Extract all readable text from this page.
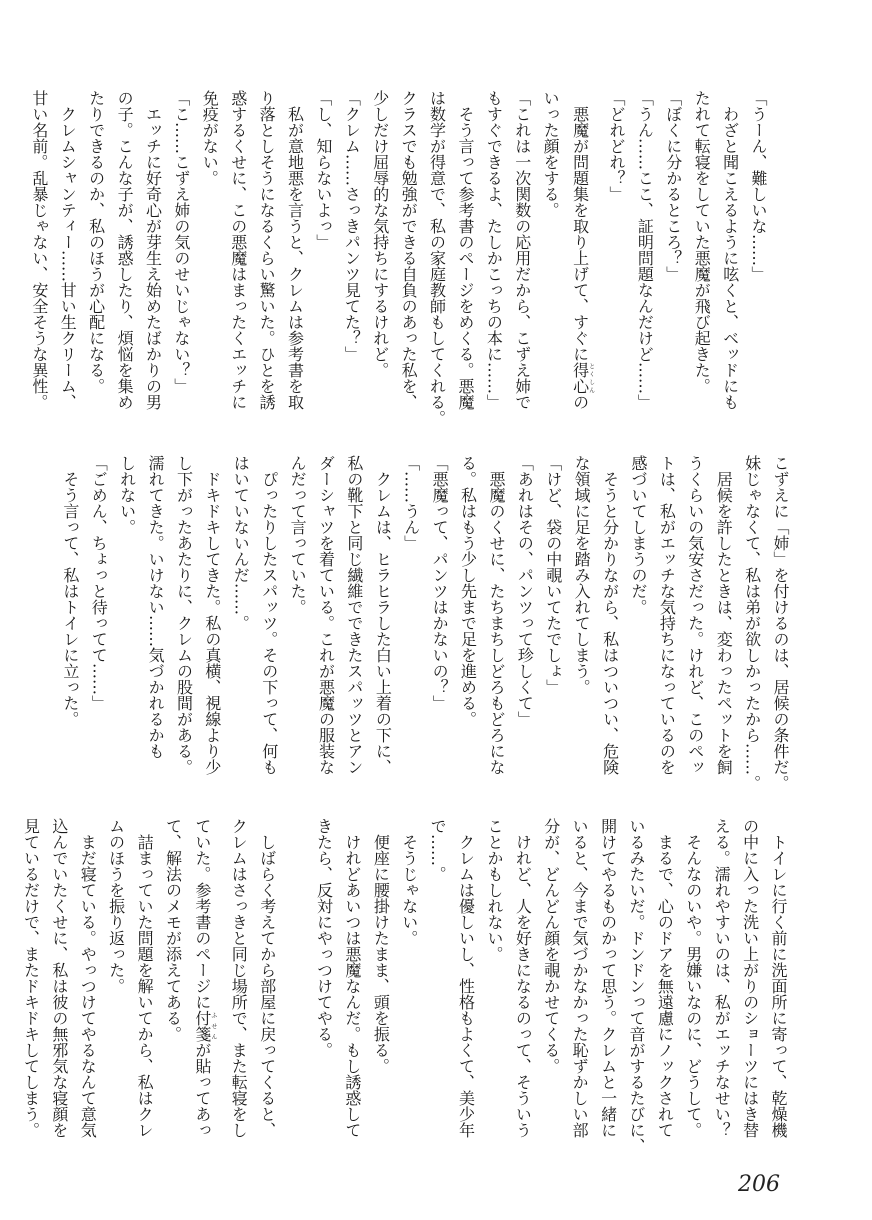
「うーん、難しいな……」
　わざと聞こえるように呟くと、ベッドにも
たれて転寝をしていた悪魔が飛び起きた。
「ぼくに分かるところ？」
「うん……ここ、証明問題なんだけど……」
「どれどれ？」
　悪魔が問題集を取り上げて、すぐに得心とくしんの
いった顔をする。
「これは一次関数の応用だから、こずえ姉で
もすぐできるよ、たしかこっちの本に……」
　そう言って参考書のページをめくる。悪魔
は数学が得意で、私の家庭教師もしてくれる。
クラスでも勉強ができる自負のあった私を、
少しだけ屈辱的な気持ちにするけれど。
「クレム……さっきパンツ見てた？」
「し、知らないよっ」
　私が意地悪を言うと、クレムは参考書を取
り落としそうになるくらい驚いた。ひとを誘
惑するくせに、この悪魔はまったくエッチに
免疫がない。
「こ……こずえ姉の気のせいじゃない？」
　エッチに好奇心が芽生え始めたばかりの男
の子。こんな子が、誘惑したり、煩悩を集め
たりできるのか、私のほうが心配になる。
　クレムシャンティー……甘い生クリーム、
甘い名前。乱暴じゃない、安全そうな異性。
こずえに「姉」を付けるのは、居候の条件だ。
妹じゃなくて、私は弟が欲しかったから……。
　居候を許したときは、変わったペットを飼
うくらいの気安さだった。けれど、このペッ
トは、私がエッチな気持ちになっているのを
感づいてしまうのだ。
　そうと分かりながら、私はついつい、危険
な領域に足を踏み入れてしまう。
「けど、袋の中覗いてたでしょ」
「あれはその、パンツって珍しくて」
　悪魔のくせに、たちまちしどろもどろにな
る。私はもう少し先まで足を進める。
「悪魔って、パンツはかないの？」
「……うん」
　クレムは、ヒラヒラした白い上着の下に、
私の靴下と同じ繊維でできたスパッツとアン
ダーシャツを着ている。これが悪魔の服装な
んだって言っていた。
　ぴったりしたスパッツ。その下って、何も
はいていないんだ……。
　ドキドキしてきた。私の真横、視線より少
し下がったあたりに、クレムの股間がある。
濡れてきた。いけない……気づかれるかも
しれない。
「ごめん、ちょっと待ってて……」
　そう言って、私はトイレに立った。
　トイレに行く前に洗面所に寄って、乾燥機
の中に入った洗い上がりのショーツにはき替
える。濡れやすいのは、私がエッチなせい？
　そんなのいや。男嫌いなのに、どうして。
　まるで、心のドアを無遠慮にノックされて
いるみたいだ。ドンドンって音がするたびに、
開けてやるものかって思う。クレムと一緒に
いると、今まで気づかなかった恥ずかしい部
分が、どんどん顔を覗かせてくる。
　けれど、人を好きになるのって、そういう
ことかもしれない。
　クレムは優しいし、性格もよくて、美少年
で……。
　そうじゃない。
　便座に腰掛けたまま、頭を振る。
　けれどあいつは悪魔なんだ。もし誘惑して
きたら、反対にやっつけてやる。

　しばらく考えてから部屋に戻ってくると、
クレムはさっきと同じ場所で、また転寝をし
ていた。参考書のページに付箋ふせんが貼ってあっ
て、解法のメモが添えてある。
　詰まっていた問題を解いてから、私はクレ
ムのほうを振り返った。
　まだ寝ている。やっつけてやるなんて意気
込んでいたくせに、私は彼の無邪気な寝顔を
見ているだけで、またドキドキしてしまう。
206
